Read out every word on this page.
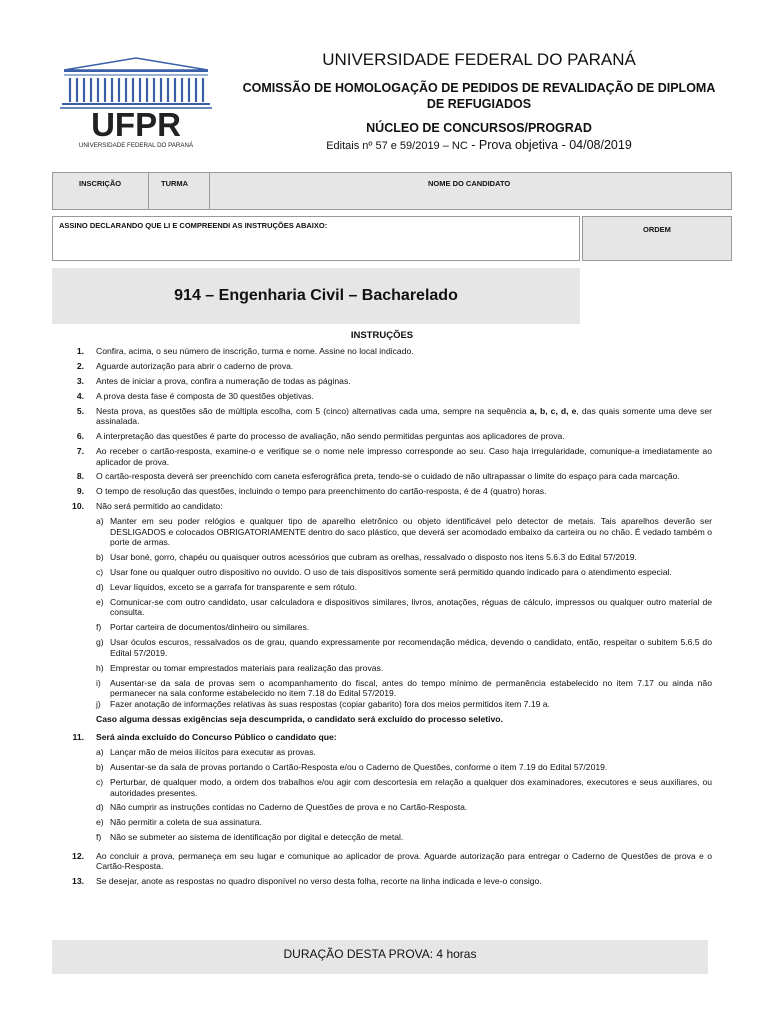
UFPR
UNIVERSIDADE FEDERAL DO PARANÁ
UNIVERSIDADE FEDERAL DO PARANÁ
COMISSÃO DE HOMOLOGAÇÃO DE PEDIDOS DE REVALIDAÇÃO DE DIPLOMA DE REFUGIADOS
NÚCLEO DE CONCURSOS/PROGRAD
Editais nº 57 e 59/2019 – NC - Prova objetiva - 04/08/2019
INSCRIÇÃO	TURMA	NOME DO CANDIDATO
ASSINO DECLARANDO QUE LI E COMPREENDI AS INSTRUÇÕES ABAIXO:	ORDEM
914 – Engenharia Civil – Bacharelado
INSTRUÇÕES
1. Confira, acima, o seu número de inscrição, turma e nome. Assine no local indicado.
2. Aguarde autorização para abrir o caderno de prova.
3. Antes de iniciar a prova, confira a numeração de todas as páginas.
4. A prova desta fase é composta de 30 questões objetivas.
5. Nesta prova, as questões são de múltipla escolha, com 5 (cinco) alternativas cada uma, sempre na sequência a, b, c, d, e, das quais somente uma deve ser assinalada.
6. A interpretação das questões é parte do processo de avaliação, não sendo permitidas perguntas aos aplicadores de prova.
7. Ao receber o cartão-resposta, examine-o e verifique se o nome nele impresso corresponde ao seu. Caso haja irregularidade, comunique-a imediatamente ao aplicador de prova.
8. O cartão-resposta deverá ser preenchido com caneta esferográfica preta, tendo-se o cuidado de não ultrapassar o limite do espaço para cada marcação.
9. O tempo de resolução das questões, incluindo o tempo para preenchimento do cartão-resposta, é de 4 (quatro) horas.
10. Não será permitido ao candidato:
a) Manter em seu poder relógios e qualquer tipo de aparelho eletrônico ou objeto identificável pelo detector de metais. Tais aparelhos deverão ser DESLIGADOS e colocados OBRIGATORIAMENTE dentro do saco plástico, que deverá ser acomodado embaixo da carteira ou no chão. É vedado também o porte de armas.
b) Usar boné, gorro, chapéu ou quaisquer outros acessórios que cubram as orelhas, ressalvado o disposto nos itens 5.6.3 do Edital 57/2019.
c) Usar fone ou qualquer outro dispositivo no ouvido. O uso de tais dispositivos somente será permitido quando indicado para o atendimento especial.
d) Levar líquidos, exceto se a garrafa for transparente e sem rótulo.
e) Comunicar-se com outro candidato, usar calculadora e dispositivos similares, livros, anotações, réguas de cálculo, impressos ou qualquer outro material de consulta.
f) Portar carteira de documentos/dinheiro ou similares.
g) Usar óculos escuros, ressalvados os de grau, quando expressamente por recomendação médica, devendo o candidato, então, respeitar o subitem 5.6.5 do Edital 57/2019.
h) Emprestar ou tomar emprestados materiais para realização das provas.
i) Ausentar-se da sala de provas sem o acompanhamento do fiscal, antes do tempo mínimo de permanência estabelecido no item 7.17 ou ainda não permanecer na sala conforme estabelecido no item 7.18 do Edital 57/2019.
j) Fazer anotação de informações relativas às suas respostas (copiar gabarito) fora dos meios permitidos item 7.19 a.
Caso alguma dessas exigências seja descumprida, o candidato será excluído do processo seletivo.
11. Será ainda excluído do Concurso Público o candidato que:
a) Lançar mão de meios ilícitos para executar as provas.
b) Ausentar-se da sala de provas portando o Cartão-Resposta e/ou o Caderno de Questões, conforme o item 7.19 do Edital 57/2019.
c) Perturbar, de qualquer modo, a ordem dos trabalhos e/ou agir com descortesia em relação a qualquer dos examinadores, executores e seus auxiliares, ou autoridades presentes.
d) Não cumprir as instruções contidas no Caderno de Questões de prova e no Cartão-Resposta.
e) Não permitir a coleta de sua assinatura.
f) Não se submeter ao sistema de identificação por digital e detecção de metal.
12. Ao concluir a prova, permaneça em seu lugar e comunique ao aplicador de prova. Aguarde autorização para entregar o Caderno de Questões de prova e o Cartão-Resposta.
13. Se desejar, anote as respostas no quadro disponível no verso desta folha, recorte na linha indicada e leve-o consigo.
DURAÇÃO DESTA PROVA: 4 horas
